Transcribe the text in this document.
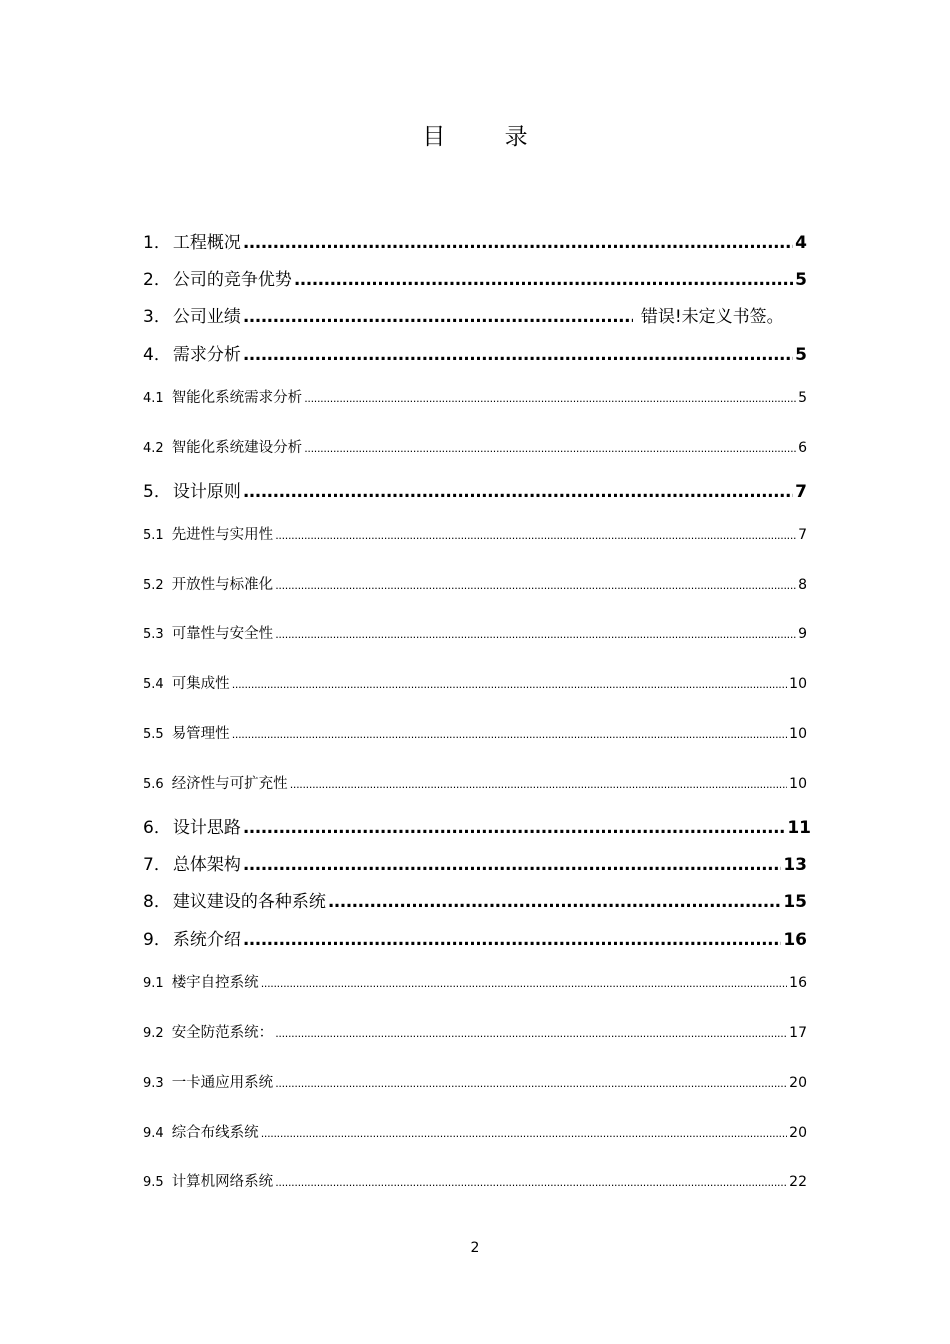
目 录
1． 工程概况 .....	4
2． 公司的竞争优势 .....	5
3． 公司业绩 .....	错误!未定义书签。
4． 需求分析 .....	5
4.1 智能化系统需求分析 .....	5
4.2 智能化系统建设分析 .....	6
5． 设计原则 .....	7
5.1 先进性与实用性 .....	7
5.2 开放性与标准化 .....	8
5.3 可靠性与安全性 .....	9
5.4 可集成性 .....	10
5.5 易管理性 .....	10
5.6 经济性与可扩充性 .....	10
6． 设计思路 .....	11
7． 总体架构 .....	13
8． 建议建设的各种系统 .....	15
9． 系统介绍 .....	16
9.1 楼宇自控系统 .....	16
9.2 安全防范系统： .....	17
9.3 一卡通应用系统 .....	20
9.4 综合布线系统 .....	20
9.5 计算机网络系统 .....	22
2
